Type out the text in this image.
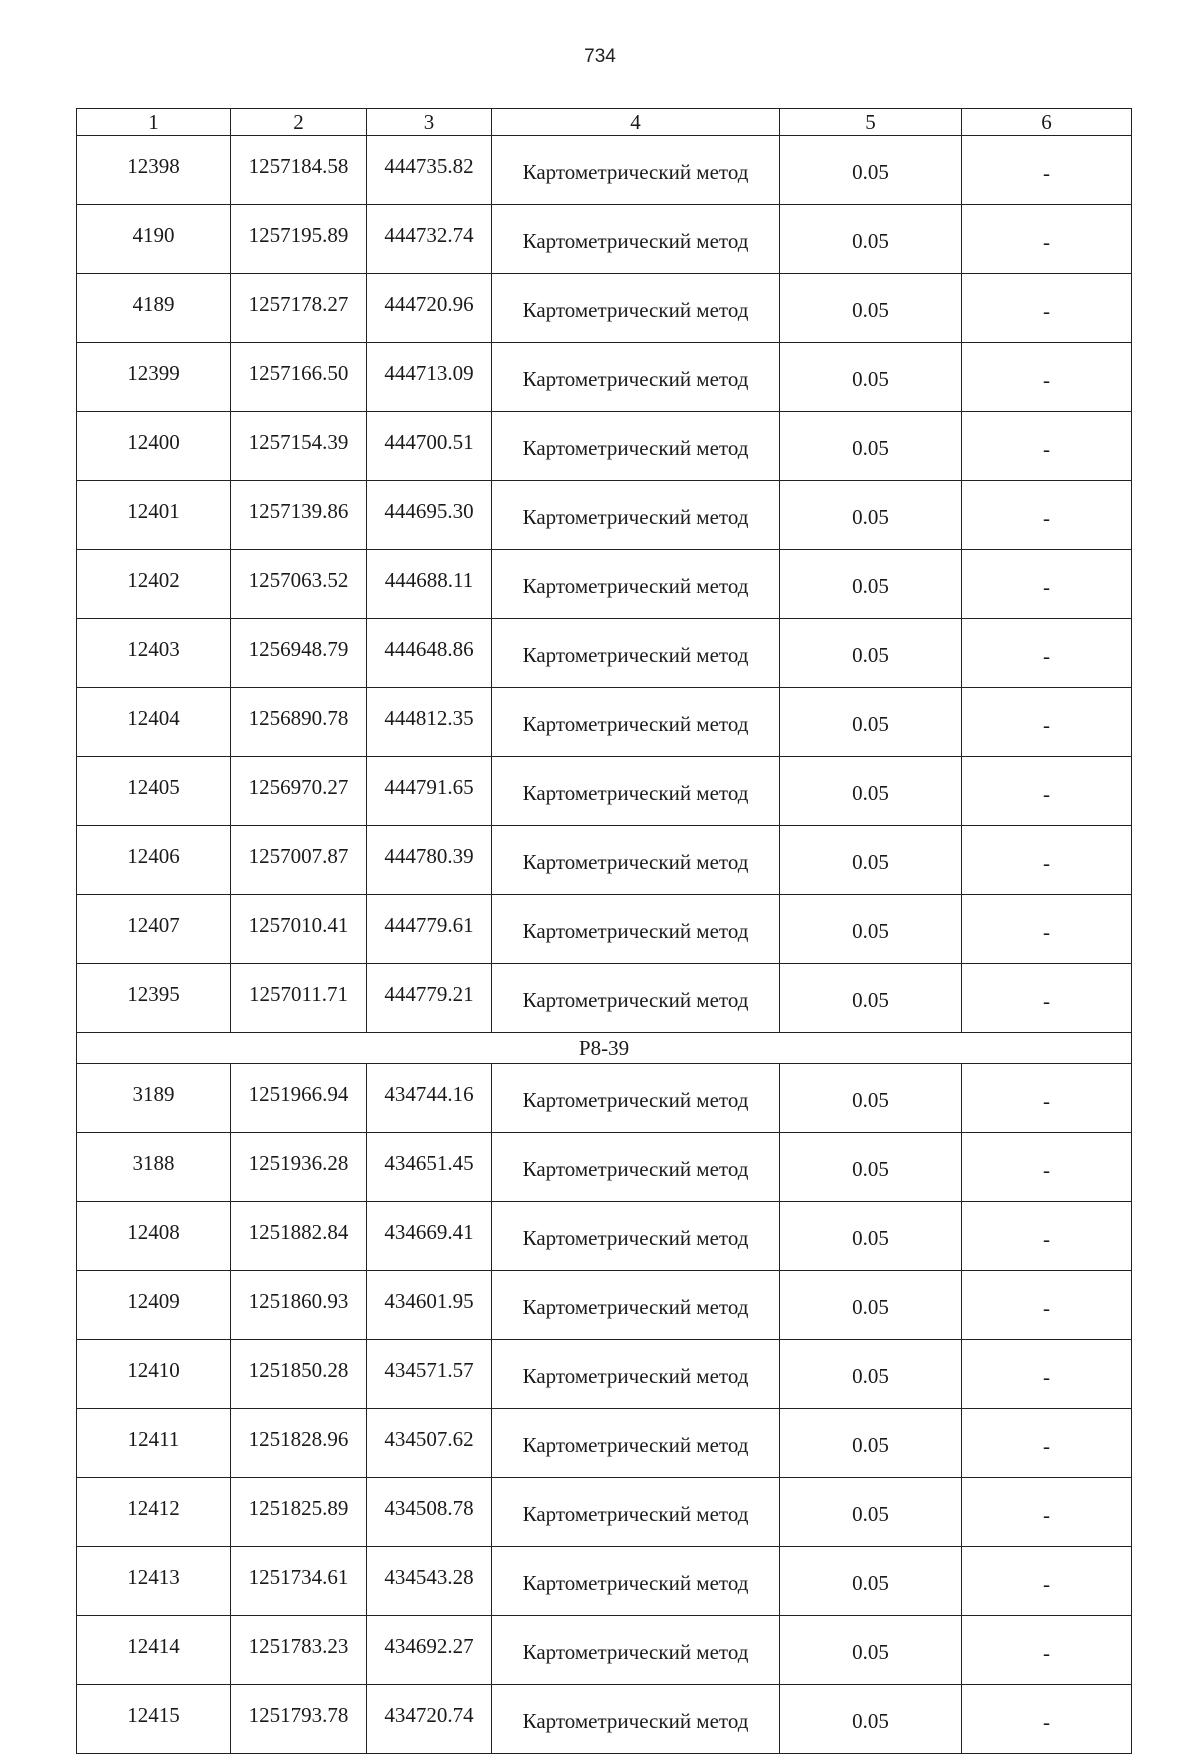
734
1	2	3	4	5	6
12398	1257184.58	444735.82	Картометрический метод	0.05	-
4190	1257195.89	444732.74	Картометрический метод	0.05	-
4189	1257178.27	444720.96	Картометрический метод	0.05	-
12399	1257166.50	444713.09	Картометрический метод	0.05	-
12400	1257154.39	444700.51	Картометрический метод	0.05	-
12401	1257139.86	444695.30	Картометрический метод	0.05	-
12402	1257063.52	444688.11	Картометрический метод	0.05	-
12403	1256948.79	444648.86	Картометрический метод	0.05	-
12404	1256890.78	444812.35	Картометрический метод	0.05	-
12405	1256970.27	444791.65	Картометрический метод	0.05	-
12406	1257007.87	444780.39	Картометрический метод	0.05	-
12407	1257010.41	444779.61	Картометрический метод	0.05	-
12395	1257011.71	444779.21	Картометрический метод	0.05	-
Р8-39					
3189	1251966.94	434744.16	Картометрический метод	0.05	-
3188	1251936.28	434651.45	Картометрический метод	0.05	-
12408	1251882.84	434669.41	Картометрический метод	0.05	-
12409	1251860.93	434601.95	Картометрический метод	0.05	-
12410	1251850.28	434571.57	Картометрический метод	0.05	-
12411	1251828.96	434507.62	Картометрический метод	0.05	-
12412	1251825.89	434508.78	Картометрический метод	0.05	-
12413	1251734.61	434543.28	Картометрический метод	0.05	-
12414	1251783.23	434692.27	Картометрический метод	0.05	-
12415	1251793.78	434720.74	Картометрический метод	0.05	-
